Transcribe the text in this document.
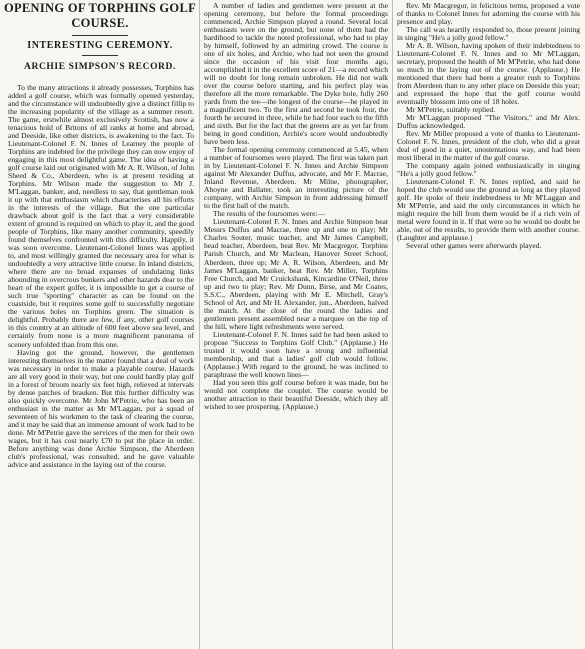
OPENING OF TORPHINS GOLF
COURSE.
INTERESTING CEREMONY.
ARCHIE SIMPSON'S RECORD.

To the many attractions it already possesses, Torphins has added a golf course, which was formally opened yesterday, and the circumstance will undoubtedly give a distinct fillip to the increasing popularity of the village as a summer resort. The game, erstwhile almost exclusively Scottish, has now a tenacious hold of Britons of all ranks at home and abroad, and Deeside, like other districts, is awakening to the fact. To Lieutenant-Colonel F. N. Innes of Learney the people of Torphins are indebted for the privilege they can now enjoy of engaging in this most delightful game. The idea of having a golf course laid out originated with Mr A. R. Wilson, of John Sheed & Co., Aberdeen, who is at present residing at Torphins. Mr Wilson made the suggestion to Mr J. M'Laggan, banker, and, needless to say, that gentleman took it up with that enthusiasm which characterises all his efforts in the interests of the village. But the one particular drawback about golf is the fact that a very considerable extent of ground is required on which to play it, and the good people of Torphins, like many another community, speedily found themselves confronted with this difficulty. Happily, it was soon overcome. Lieutenant-Colonel Innes was applied to, and most willingly granted the necessary area for what is undoubtedly a very attractive little course. In inland districts, where there are no broad expanses of undulating links abounding in overcrous bunkers and other hazards dear to the heart of the expert golfer, it is impossible to get a course of such true "sporting" character as can be found on the coastside, but it requires some golf to successfully negotiate the various holes on Torphins green. The situation is delightful. Probably there are few, if any, other golf courses in this country at an altitude of 600 feet above sea level, and certainly from none is a more magnificent panorama of scenery unfolded than from this one.

Having got the ground, however, the gentlemen interesting themselves in the matter found that a deal of work was necessary in order to make a playable course. Hazards are all very good in their way, but one could hardly play golf in a forest of broom nearly six feet high, relieved at intervals by dense patches of brauken. But this further difficulty was also quickly overcome. Mr John M'Petrie, who has been an enthusiast in the matter as Mr M'Laggan, put a squad of seventeen of his workmen to the task of clearing the course, and it may be said that an immense amount of work had to be done. Mr M'Petrie gave the services of the men for their own wages, but it has cost nearly £70 to put the place in order. Before anything was done Archie Simpson, the Aberdeen club's professional, was consulted, and he gave valuable advice and assistance in the laying out of the course.

A number of ladies and gentlemen were present at the opening ceremony, but before the formal proceedings commenced, Archie Simpson played a round. Several local enthusiasts were on the ground, but none of them had the hardihood to tackle the noted professional, who had to play by himself, followed by an admiring crowd. The course is one of six holes, and Archie, who had not seen the ground since the occasion of his visit four months ago, accomplished it in the excellent score of 21—a record which will no doubt for long remain unbroken. He did not walk over the course before starting, and his perfect play was therefore all the more remarkable. The Dyke hole, fully 260 yards from the tee—the longest of the course—he played in a magnificent two. To the first and second he took four, the fourth he secured in three, while he had four each to the fifth and sixth. But for the fact that the greens are as yet far from being in good condition, Archie's score would undoubtedly have been less.

The formal opening ceremony commenced at 5.45, when a number of foursomes were played. The first was taken part in by Lieutenant-Colonel F. N. Innes and Archie Simpson against Mr Alexander Duffus, advocate, and Mr F. Macrae, Inland Revenue, Aberdeen. Mr Milne, photographer, Aboyne and Ballater, took an interesting picture of the company, with Archie Simpson in front addressing himself to the first ball of the match.

The results of the foursomes were:—

Lieutenant-Colonel F. N. Innes and Archie Simpson beat Messrs Duffus and Macrae, three up and one to play; Mr Charles Souter, music teacher, and Mr James Campbell, head teacher, Aberdeen, beat Rev. Mr Macgregor, Torphins Parish Church, and Mr Maclean, Hanover Street School, Aberdeen, three up; Mr A. R. Wilson, Aberdeen, and Mr James M'Laggan, banker, beat Rev. Mr Miller, Torphins Free Church, and Mr Cruickshank, Kincardine O'Neil, three up and two to play; Rev. Mr Dunn, Birse, and Mr Coates, S.S.C., Aberdeen, playing with Mr E. Mitchell, Gray's School of Art, and Mr H. Alexander, jun., Aberdeen, halved the match. At the close of the round the ladies and gentlemen present assembled near a marquee on the top of the hill, where light refreshments were served.

Lieutenant-Colonel F. N. Innes said he had been asked to propose "Success to Torphins Golf Club." (Applause.) He trusted it would soon have a strong and influential membership, and that a ladies' golf club would follow. (Applause.) With regard to the ground, he was inclined to paraphrase the well known lines—

Had you seen this golf course before it was made, but he would not complete the couplet. The course would be another attraction to their beautiful Deeside, which they all wished to see prospering. (Applause.)

Rev. Mr Macgregor, in felicitous terms, proposed a vote of thanks to Colonel Innes for adorning the course with his presence and play.

The call was heartily responded to, those present joining in singing "He's a jolly good fellow."

Mr A. R. Wilson, having spoken of their indebtedness to Lieutenant-Colonel F. N. Innes and to Mr M'Laggan, secretary, proposed the health of Mr M'Petrie, who had done so much in the laying out of the course. (Applause.) He mentioned that there had been a greater rush to Torphins from Aberdeen than to any other place on Deeside this year; and expressed the hope that the golf course would eventually blossom into one of 18 holes.

Mr M'Petrie, suitably replied.

Mr M'Laggan proposed "The Visitors," and Mr Alex. Duffus acknowledged.

Rev. Mr Miller proposed a vote of thanks to Lieutenant-Colonel F. N. Innes, president of the club, who did a great deal of good in a quiet, unostentatious way, and had been most liberal in the matter of the golf course.

The company again joined enthusiastically in singing "He's a jolly good fellow."

Lieutenant-Colonel F. N. Innes replied, and said he hoped the club would use the ground as long as they played golf. He spoke of their indebtedness to Mr M'Laggan and Mr M'Petrie, and said the only circumstances in which he might require the hill from them would be if a rich vein of metal were found in it. If that were so he would no doubt be able, out of the results, to provide them with another course. (Laughter and applause.)

Several other games were afterwards played.
